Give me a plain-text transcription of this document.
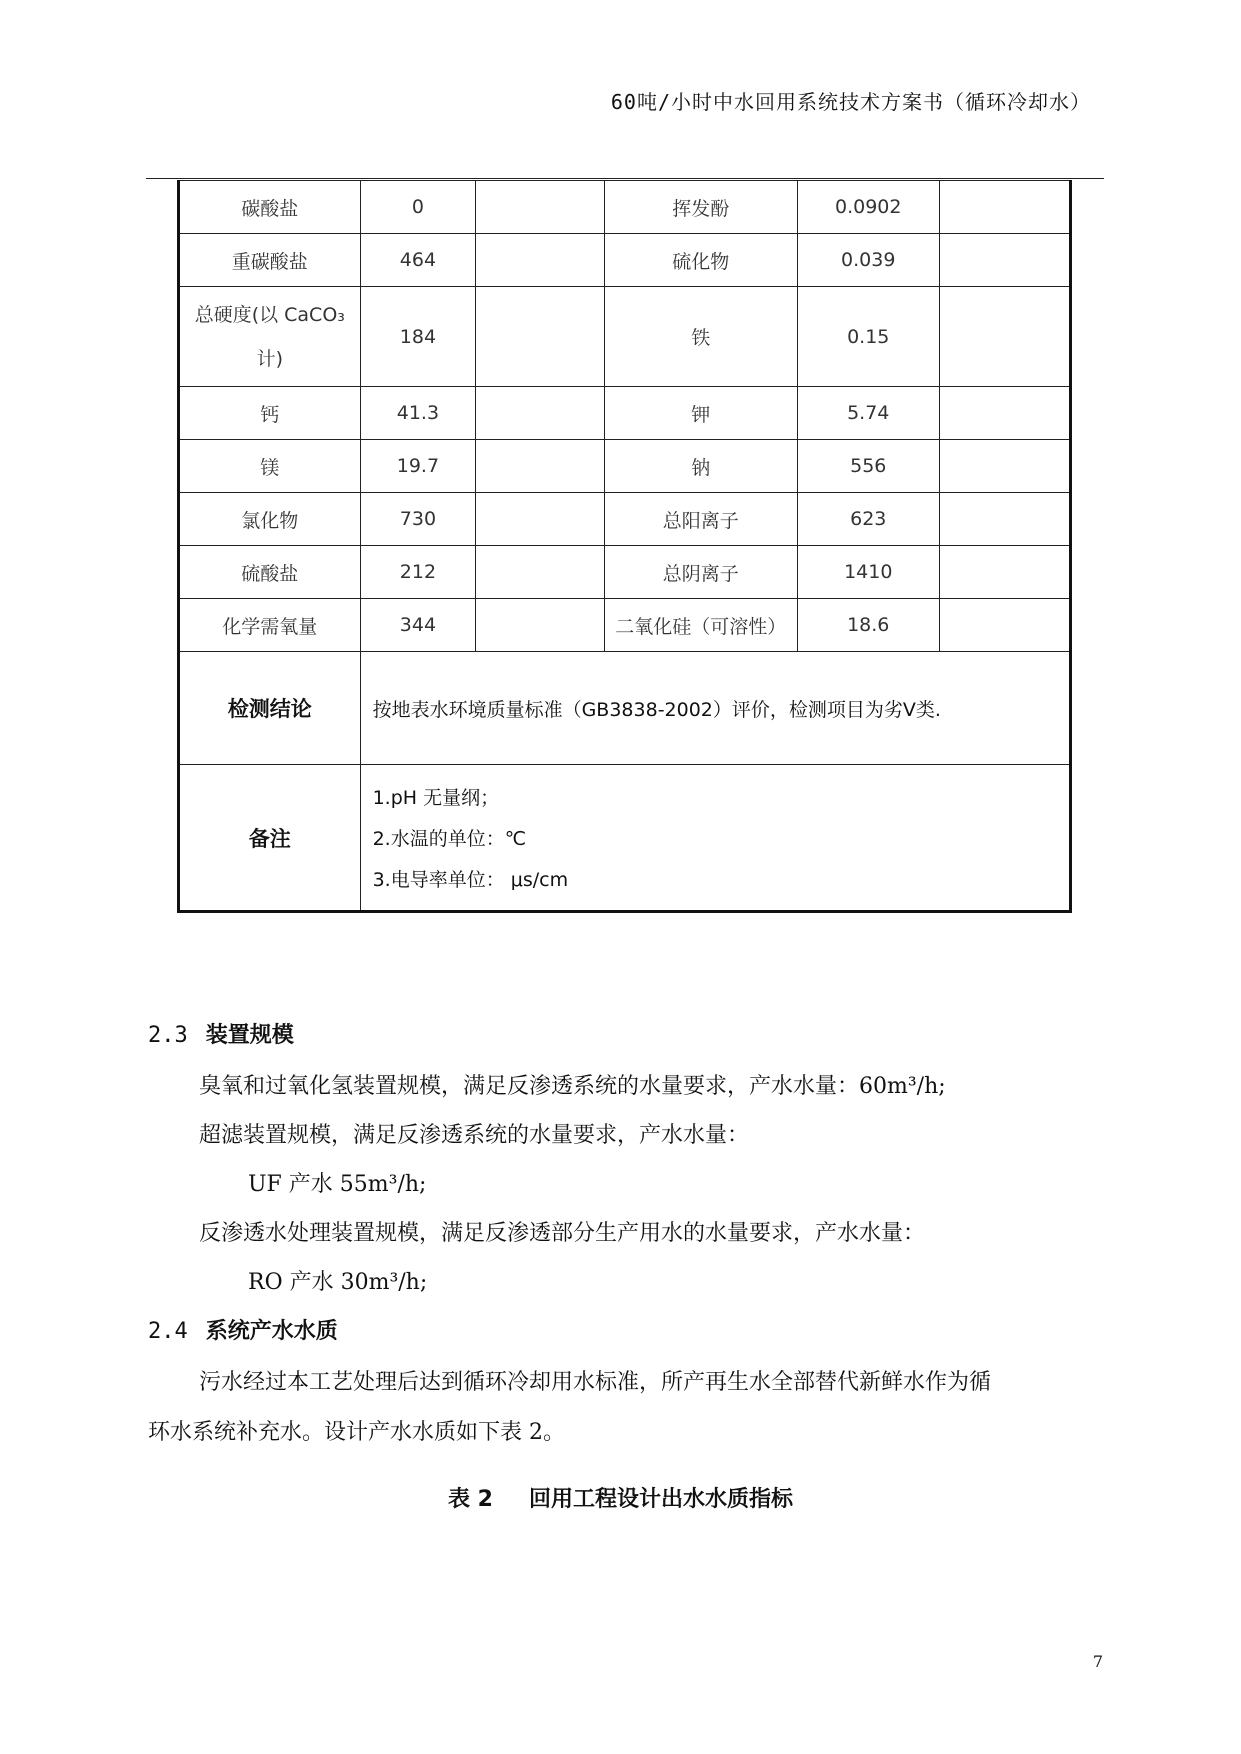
60吨/小时中水回用系统技术方案书（循环冷却水）
碳酸盐	0		挥发酚	0.0902	
重碳酸盐	464		硫化物	0.039	
总硬度(以 CaCO₃计)	184		铁	0.15	
钙	41.3		钾	5.74	
镁	19.7		钠	556	
氯化物	730		总阳离子	623	
硫酸盐	212		总阴离子	1410	
化学需氧量	344		二氧化硅（可溶性）	18.6	
检测结论	按地表水环境质量标准（GB3838-2002）评价，检测项目为劣V类.				
备注	1.pH 无量纲；
2.水温的单位：℃
3.电导率单位： μs/cm				
2.3 装置规模
臭氧和过氧化氢装置规模，满足反渗透系统的水量要求，产水水量：60m³/h;
超滤装置规模，满足反渗透系统的水量要求，产水水量：
UF 产水 55m³/h;
反渗透水处理装置规模，满足反渗透部分生产用水的水量要求，产水水量：
RO 产水 30m³/h;
2.4 系统产水水质
污水经过本工艺处理后达到循环冷却用水标准，所产再生水全部替代新鲜水作为循
环水系统补充水。设计产水水质如下表 2。
表 2 回用工程设计出水水质指标
7
